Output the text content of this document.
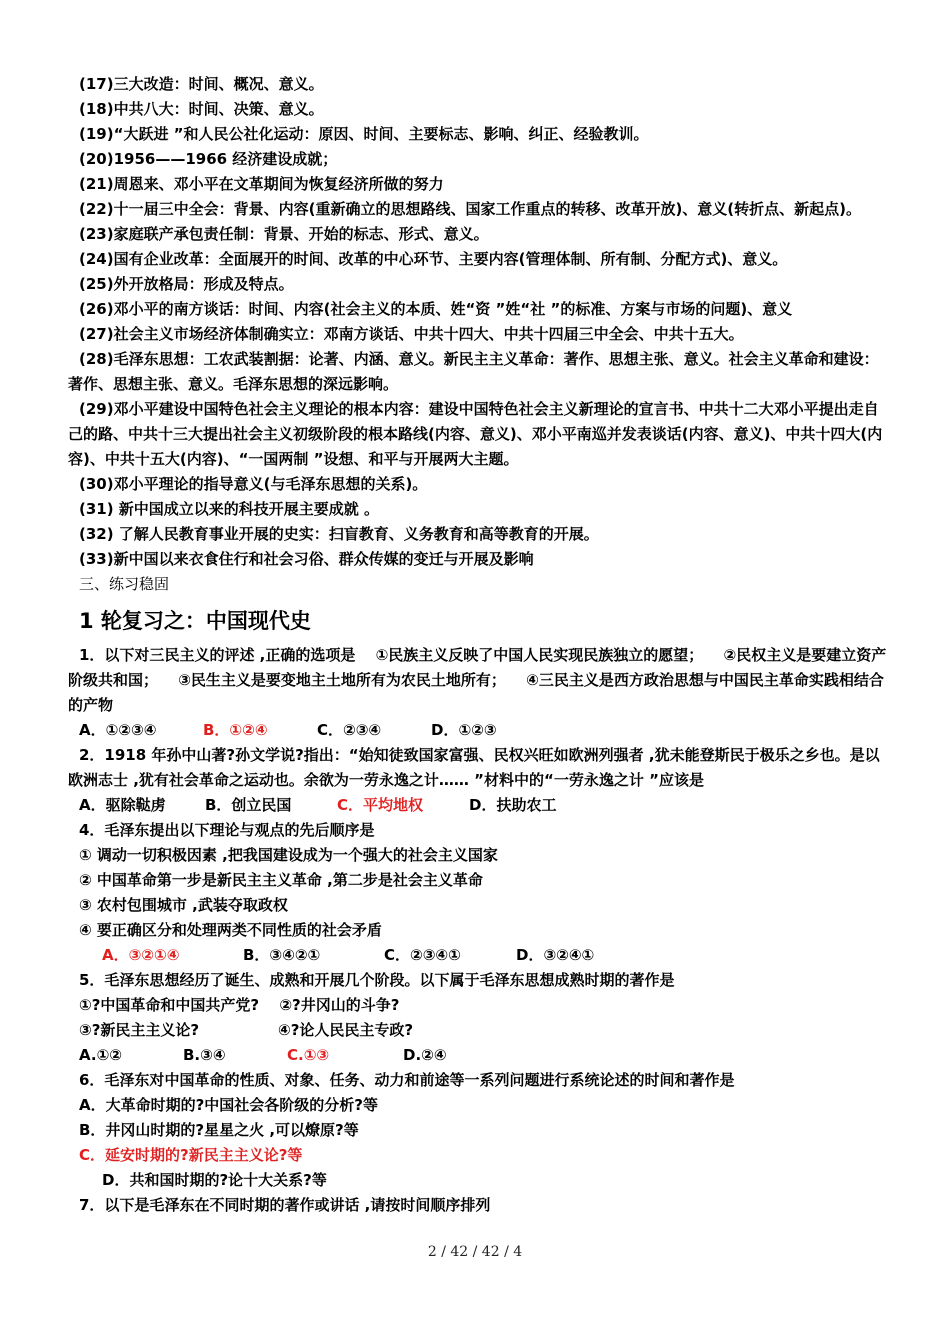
(17)三大改造：时间、概况、意义。
(18)中共八大：时间、决策、意义。
(19)“大跃进 ”和人民公社化运动：原因、时间、主要标志、影响、纠正、经验教训。
(20)1956——1966 经济建设成就；
(21)周恩来、邓小平在文革期间为恢复经济所做的努力
(22)十一届三中全会：背景、内容(重新确立的思想路线、国家工作重点的转移、改革开放)、意义(转折点、新起点)。
(23)家庭联产承包责任制：背景、开始的标志、形式、意义。
(24)国有企业改革：全面展开的时间、改革的中心环节、主要内容(管理体制、所有制、分配方式)、意义。
(25)外开放格局：形成及特点。
(26)邓小平的南方谈话：时间、内容(社会主义的本质、姓“资 ”姓“社 ”的标准、方案与市场的问题)、意义
(27)社会主义市场经济体制确实立：邓南方谈话、中共十四大、中共十四届三中全会、中共十五大。
(28)毛泽东思想：工农武装割据：论著、内涵、意义。新民主主义革命：著作、思想主张、意义。社会主义革命和建设：著作、思想主张、意义。毛泽东思想的深远影响。
(29)邓小平建设中国特色社会主义理论的根本内容：建设中国特色社会主义新理论的宣言书、中共十二大邓小平提出走自己的路、中共十三大提出社会主义初级阶段的根本路线(内容、意义)、邓小平南巡并发表谈话(内容、意义)、中共十四大(内容)、中共十五大(内容)、“一国两制 ”设想、和平与开展两大主题。
(30)邓小平理论的指导意义(与毛泽东思想的关系)。
(31) 新中国成立以来的科技开展主要成就 。
(32) 了解人民教育事业开展的史实：扫盲教育、义务教育和高等教育的开展。
(33)新中国以来衣食住行和社会习俗、群众传媒的变迁与开展及影响
三、练习稳固
1 轮复习之：中国现代史
1．以下对三民主义的评述 ,正确的选项是 　①民族主义反映了中国人民实现民族独立的愿望； 　②民权主义是要建立资产阶级共和国； 　③民生主义是要变地主土地所有为农民土地所有； 　④三民主义是西方政治思想与中国民主革命实践相结合的产物
A．①②③④	B．①②④	C．②③④	D．①②③
2．1918 年孙中山著?孙文学说?指出：“始知徒致国家富强、民权兴旺如欧洲列强者 ,犹未能登斯民于极乐之乡也。是以欧洲志士 ,犹有社会革命之运动也。余欲为一劳永逸之计…… ”材料中的“一劳永逸之计 ”应该是
A．驱除鞑虏	B．创立民国	C．平均地权	D．扶助农工
4．毛泽东提出以下理论与观点的先后顺序是
① 调动一切积极因素 ,把我国建设成为一个强大的社会主义国家
② 中国革命第一步是新民主主义革命 ,第二步是社会主义革命
③ 农村包围城市 ,武装夺取政权
④ 要正确区分和处理两类不同性质的社会矛盾
A．③②①④	B．③④②①	C．②③④①	D．③②④①
5．毛泽东思想经历了诞生、成熟和开展几个阶段。以下属于毛泽东思想成熟时期的著作是
①?中国革命和中国共产党? 　②?井冈山的斗争?
③?新民主主义论?	④?论人民民主专政?
A.①②	B.③④	C.①③	D.②④
6．毛泽东对中国革命的性质、对象、任务、动力和前途等一系列问题进行系统论述的时间和著作是
A．大革命时期的?中国社会各阶级的分析?等
B．井冈山时期的?星星之火 ,可以燎原?等
C．延安时期的?新民主主义论?等
D．共和国时期的?论十大关系?等
7．以下是毛泽东在不同时期的著作或讲话 ,请按时间顺序排列
2 / 42 / 42 / 4
